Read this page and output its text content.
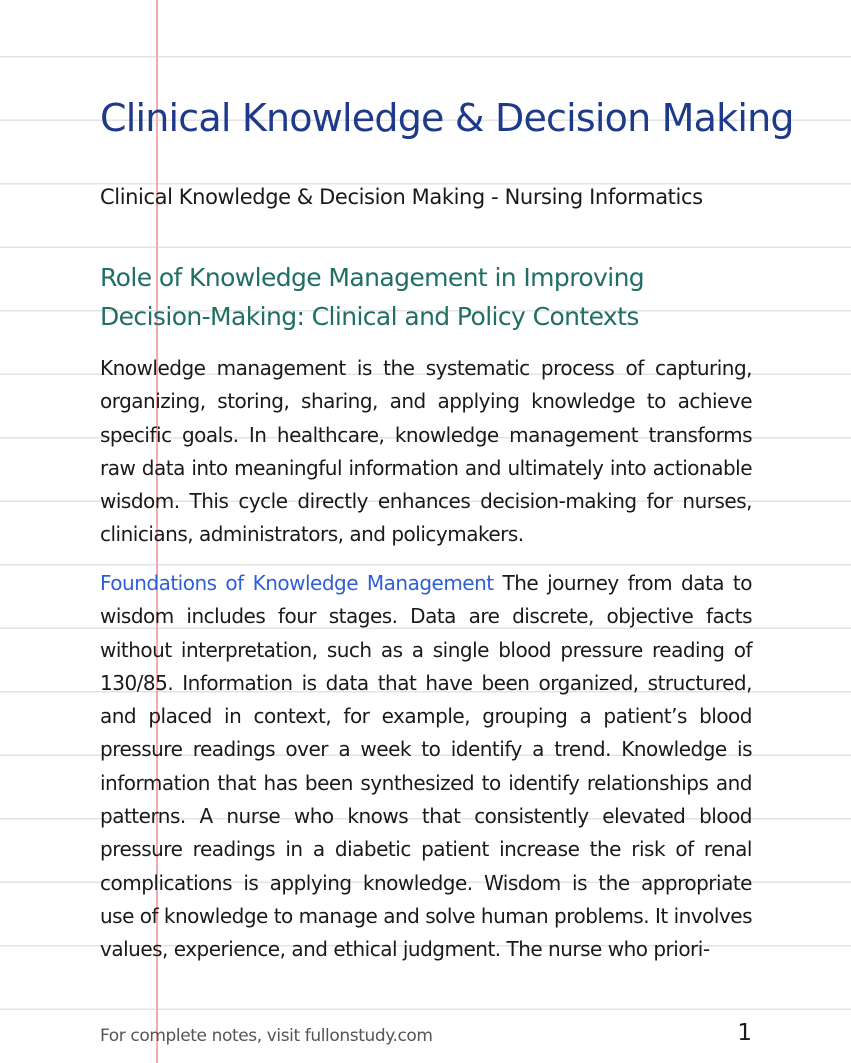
Clinical Knowledge & Decision Making
Clinical Knowledge & Decision Making - Nursing Informatics
Role of Knowledge Management in Improving Decision-Making: Clinical and Policy Contexts

Knowledge management is the systematic process of capturing, organizing, storing, sharing, and applying knowledge to achieve specific goals. In healthcare, knowledge management transforms raw data into meaningful information and ultimately into actionable wisdom. This cycle directly enhances decision-making for nurses, clinicians, administrators, and policymakers.

Foundations of Knowledge Management The journey from data to wisdom includes four stages. Data are discrete, objective facts without interpretation, such as a single blood pressure reading of 130/85. Information is data that have been organized, structured, and placed in context, for example, grouping a patient’s blood pressure readings over a week to identify a trend. Knowledge is information that has been synthesized to identify relationships and patterns. A nurse who knows that consistently elevated blood pressure readings in a diabetic patient increase the risk of renal complications is applying knowledge. Wisdom is the appropriate use of knowledge to manage and solve human problems. It involves values, experience, and ethical judgment. The nurse who priori-

For complete notes, visit fullonstudy.com	1
